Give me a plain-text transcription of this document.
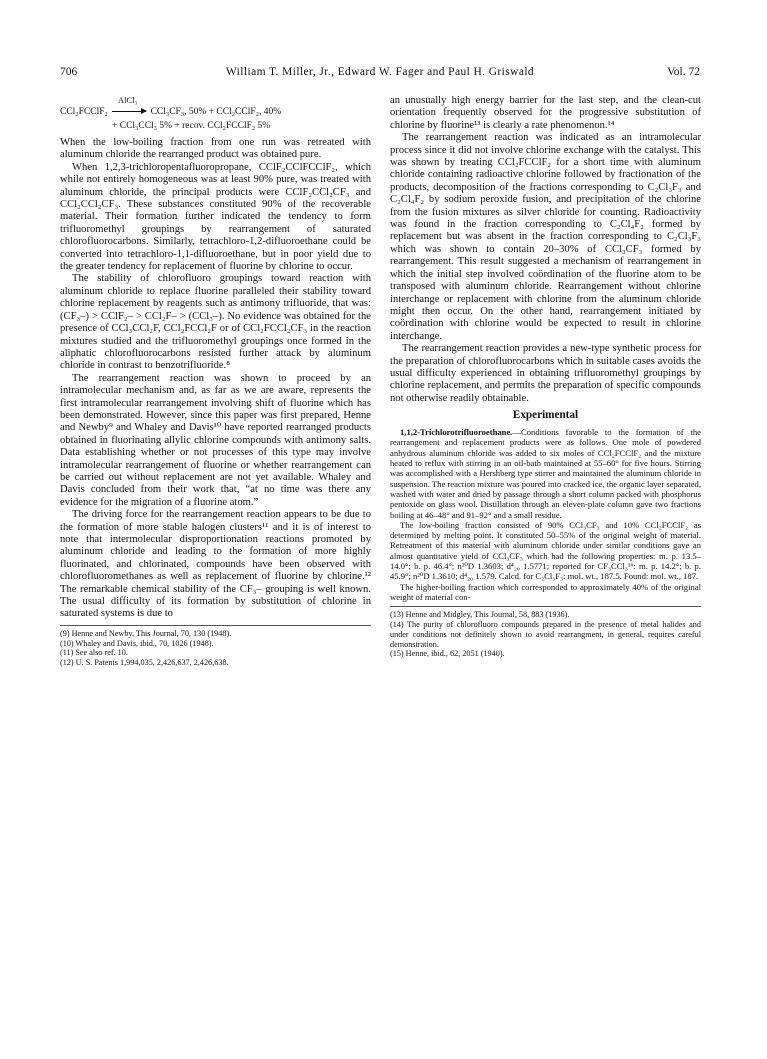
706	William T. Miller, Jr., Edward W. Fager and Paul H. Griswald	Vol. 72
AlCl₃
CCl₂FCClF₂ → CCl₃CF₃, 50% + CCl₂CClF₂, 40%
+ CCl₃CCl₃ 5% + recov. CCl₂FCClF₂ 5%

When the low-boiling fraction from one run was retreated with aluminum chloride the rearranged product was obtained pure.

When 1,2,3-trichloropentafluoropropane, CClF₂CClFCClF₂, which while not entirely homogeneous was at least 90% pure, was treated with aluminum chloride, the principal products were CClF₂CCl₂CF₃ and CCl₂CCl₂CF₃. These substances constituted 90% of the recoverable material. Their formation further indicated the tendency to form trifluoromethyl groupings by rearrangement of saturated chlorofluorocarbons. Similarly, tetrachloro-1,2-difluoroethane could be converted into tetrachloro-1,1-difluoroethane, but in poor yield due to the greater tendency for replacement of fluorine by chlorine to occur.

The stability of chlorofluoro groupings toward reaction with aluminum chloride to replace fluorine paralleled their stability toward chlorine replacement by reagents such as antimony trifluoride, that was: (CF₃–) > CClF₂– > CCl₂F– > (CCl₃–). No evidence was obtained for the presence of CCl₃CCl₂F, CCl₂FCCl₂F or of CCl₂FCCl₂CF₃ in the reaction mixtures studied and the trifluoromethyl groupings once formed in the aliphatic chlorofluorocarbons resisted further attack by aluminum chloride in contrast to benzotrifluoride.⁸

The rearrangement reaction was shown to proceed by an intramolecular mechanism and, as far as we are aware, represents the first intramolecular rearrangement involving shift of fluorine which has been demonstrated. However, since this paper was first prepared, Henne and Newby⁹ and Whaley and Davis¹⁰ have reported rearranged products obtained in fluorinating allylic chlorine compounds with antimony salts. Data establishing whether or not processes of this type may involve intramolecular rearrangement of fluorine or whether rearrangement can be carried out without replacement are not yet available. Whaley and Davis concluded from their work that, “at no time was there any evidence for the migration of a fluorine atom.”

The driving force for the rearrangement reaction appears to be due to the formation of more stable halogen clusters¹¹ and it is of interest to note that intermolecular disproportionation reactions promoted by aluminum chloride and leading to the formation of more highly fluorinated, and chlorinated, compounds have been observed with chlorofluoromethanes as well as replacement of fluorine by chlorine.¹² The remarkable chemical stability of the CF₃– grouping is well known. The usual difficulty of its formation by substitution of chlorine in saturated systems is due to

(9) Henne and Newby, This Journal, 70, 130 (1948).

(10) Whaley and Davis, ibid., 70, 1026 (1948).

(11) See also ref. 10.

(12) U. S. Patents 1,994,035, 2,426,637, 2,426,638.

an unusually high energy barrier for the last step, and the clean-cut orientation frequently observed for the progressive substitution of chlorine by fluorine¹³ is clearly a rate phenomenon.¹⁴

The rearrangement reaction was indicated as an intramolecular process since it did not involve chlorine exchange with the catalyst. This was shown by treating CCl₂FCClF₂ for a short time with aluminum chloride containing radioactive chlorine followed by fractionation of the products, decomposition of the fractions corresponding to C₂Cl₃F₃ and C₂Cl₄F₂ by sodium peroxide fusion, and precipitation of the chlorine from the fusion mixtures as silver chloride for counting. Radioactivity was found in the fraction corresponding to C₂Cl₄F₂ formed by replacement but was absent in the fraction corresponding to C₂Cl₃F₃ which was shown to contain 20–30% of CCl₃CF₃ formed by rearrangement. This result suggested a mechanism of rearrangement in which the initial step involved coördination of the fluorine atom to be transposed with aluminum chloride. Rearrangement without chlorine interchange or replacement with chlorine from the aluminum chloride might then occur. On the other hand, rearrangement initiated by coördination with chlorine would be expected to result in chlorine interchange.

The rearrangement reaction provides a new-type synthetic process for the preparation of chlorofluorocarbons which in suitable cases avoids the usual difficulty experienced in obtaining trifluoromethyl groupings by chlorine replacement, and permits the preparation of specific compounds not otherwise readily obtainable.

Experimental

1,1,2-Trichlorotrifluoroethane.—Conditions favorable to the formation of the rearrangement and replacement products were as follows. One mole of powdered anhydrous aluminum chloride was added to six moles of CCl₂FCClF₂ and the mixture heated to reflux with stirring in an oil-bath maintained at 55–60° for five hours. Stirring was accomplished with a Hershberg type stirrer and maintained the aluminum chloride in suspension. The reaction mixture was poured into cracked ice, the organic layer separated, washed with water and dried by passage through a short column packed with phosphorus pentoxide on glass wool. Distillation through an eleven-plate column gave two fractions boiling at 46–48° and 91–92° and a small residue.

The low-boiling fraction consisted of 90% CCl₃CF₃ and 10% CCl₂FCClF₂ as determined by melting point. It constituted 50–55% of the original weight of material. Retreatment of this material with aluminum chloride under similar conditions gave an almost quantitative yield of CCl₃CF₃ which had the following properties: m. p. 13.5–14.0°; b. p. 46.4°; n²⁰D 1.3603; d⁴₂₀ 1.5771; reported for CF₃CCl₃¹⁶: m. p. 14.2°; b. p. 45.9°; n²⁰D 1.3610; d⁴₂₀ 1.579. Calcd. for C₂Cl₃F₃: mol. wt., 187.5. Found: mol. wt., 187.

The higher-boiling fraction which corresponded to approximately 40% of the original weight of material con-

(13) Henne and Midgley, This Journal, 58, 883 (1936).

(14) The purity of chlorofluoro compounds prepared in the presence of metal halides and under conditions not definitely shown to avoid rearrangment, in general, requires careful demonstration.

(15) Henne, ibid., 62, 2051 (1940).
